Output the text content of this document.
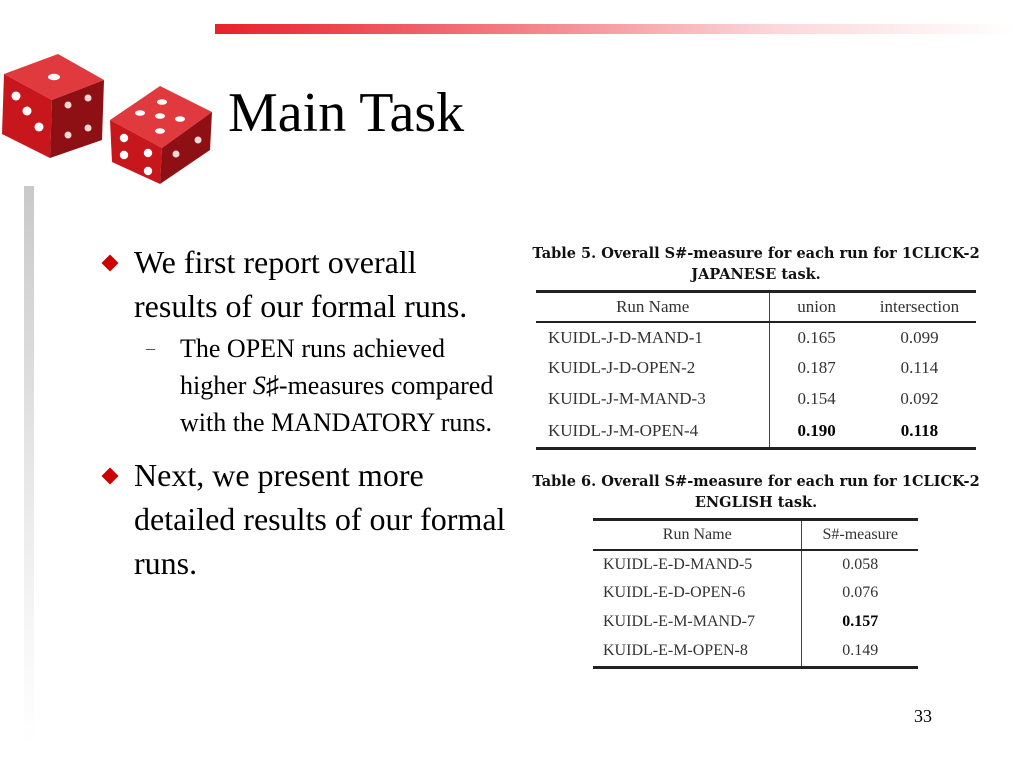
Main Task
We first report overall results of our formal runs.
– The OPEN runs achieved higher S♯-measures compared with the MANDATORY runs.
Next, we present more detailed results of our formal runs.
Table 5. Overall S#-measure for each run for 1CLICK-2 JAPANESE task.
Run Name	union	intersection
KUIDL-J-D-MAND-1	0.165	0.099
KUIDL-J-D-OPEN-2	0.187	0.114
KUIDL-J-M-MAND-3	0.154	0.092
KUIDL-J-M-OPEN-4	0.190	0.118
Table 6. Overall S#-measure for each run for 1CLICK-2 ENGLISH task.
Run Name	S#-measure
KUIDL-E-D-MAND-5	0.058
KUIDL-E-D-OPEN-6	0.076
KUIDL-E-M-MAND-7	0.157
KUIDL-E-M-OPEN-8	0.149
33
